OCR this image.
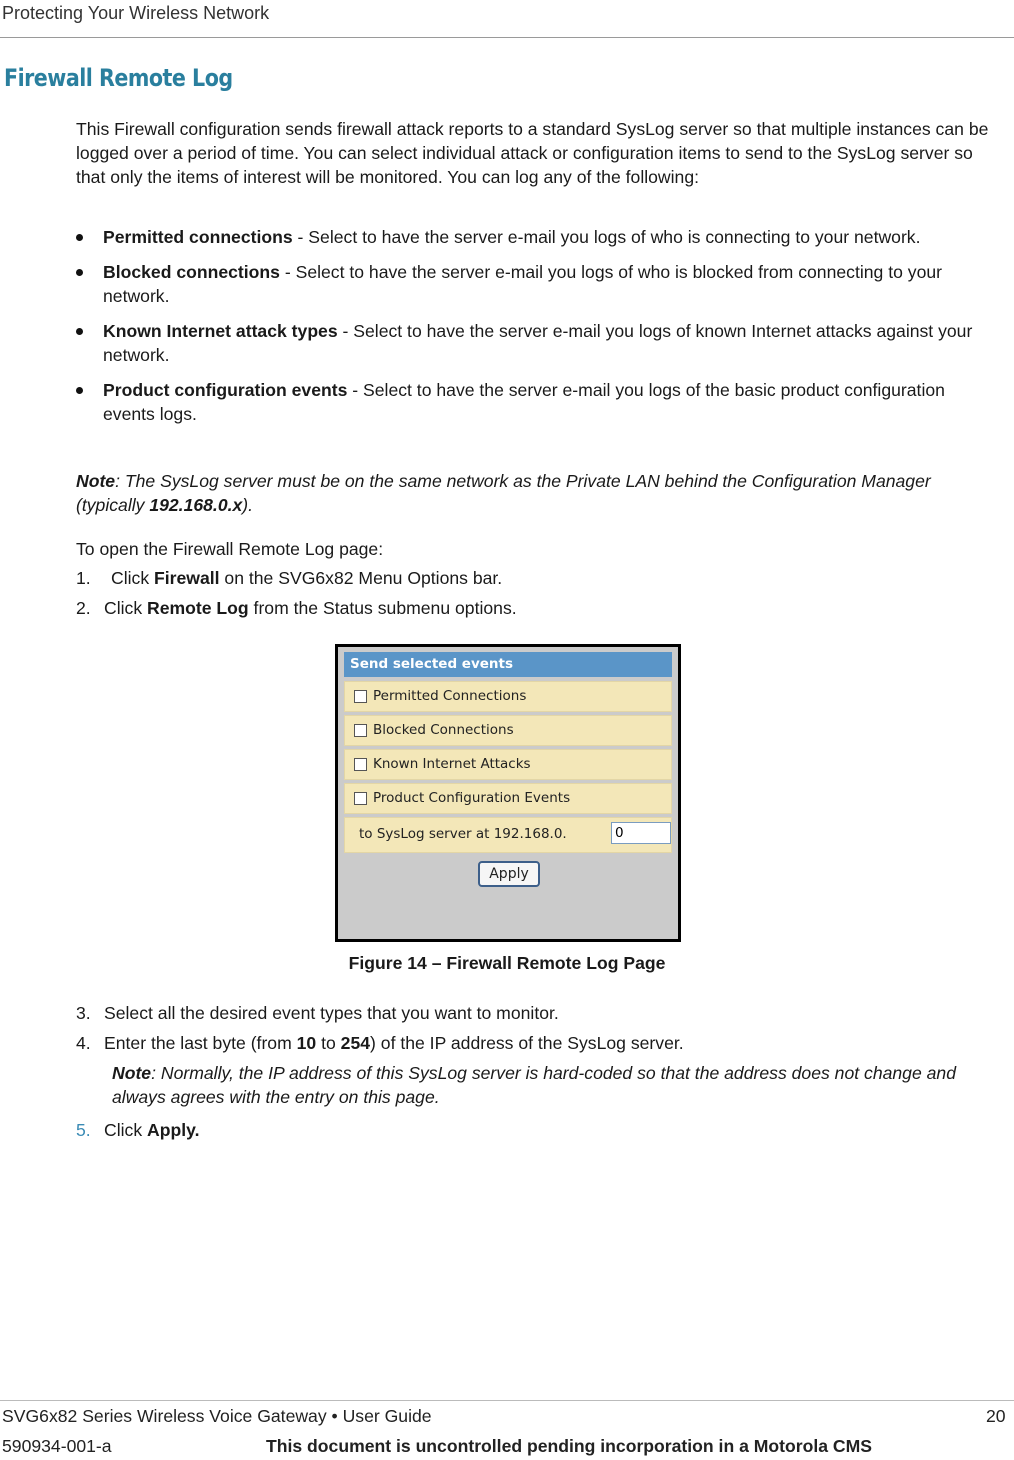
Protecting Your Wireless Network
Firewall Remote Log

This Firewall configuration sends firewall attack reports to a standard SysLog server so that multiple instances can be logged over a period of time. You can select individual attack or configuration items to send to the SysLog server so that only the items of interest will be monitored. You can log any of the following:

Permitted connections - Select to have the server e-mail you logs of who is connecting to your network.
Blocked connections - Select to have the server e-mail you logs of who is blocked from connecting to your network.
Known Internet attack types - Select to have the server e-mail you logs of known Internet attacks against your network.
Product configuration events - Select to have the server e-mail you logs of the basic product configuration events logs.

Note: The SysLog server must be on the same network as the Private LAN behind the Configuration Manager (typically 192.168.0.x).

To open the Firewall Remote Log page:

1. Click Firewall on the SVG6x82 Menu Options bar.
2. Click Remote Log from the Status submenu options.
Send selected events
Permitted Connections
Blocked Connections
Known Internet Attacks
Product Configuration Events
to SysLog server at 192.168.0.
0
Apply
Figure 14 – Firewall Remote Log Page
3. Select all the desired event types that you want to monitor.
4. Enter the last byte (from 10 to 254) of the IP address of the SysLog server.

Note: Normally, the IP address of this SysLog server is hard-coded so that the address does not change and always agrees with the entry on this page.

5. Click Apply.
SVG6x82 Series Wireless Voice Gateway • User Guide	20
590934-001-a	This document is uncontrolled pending incorporation in a Motorola CMS
